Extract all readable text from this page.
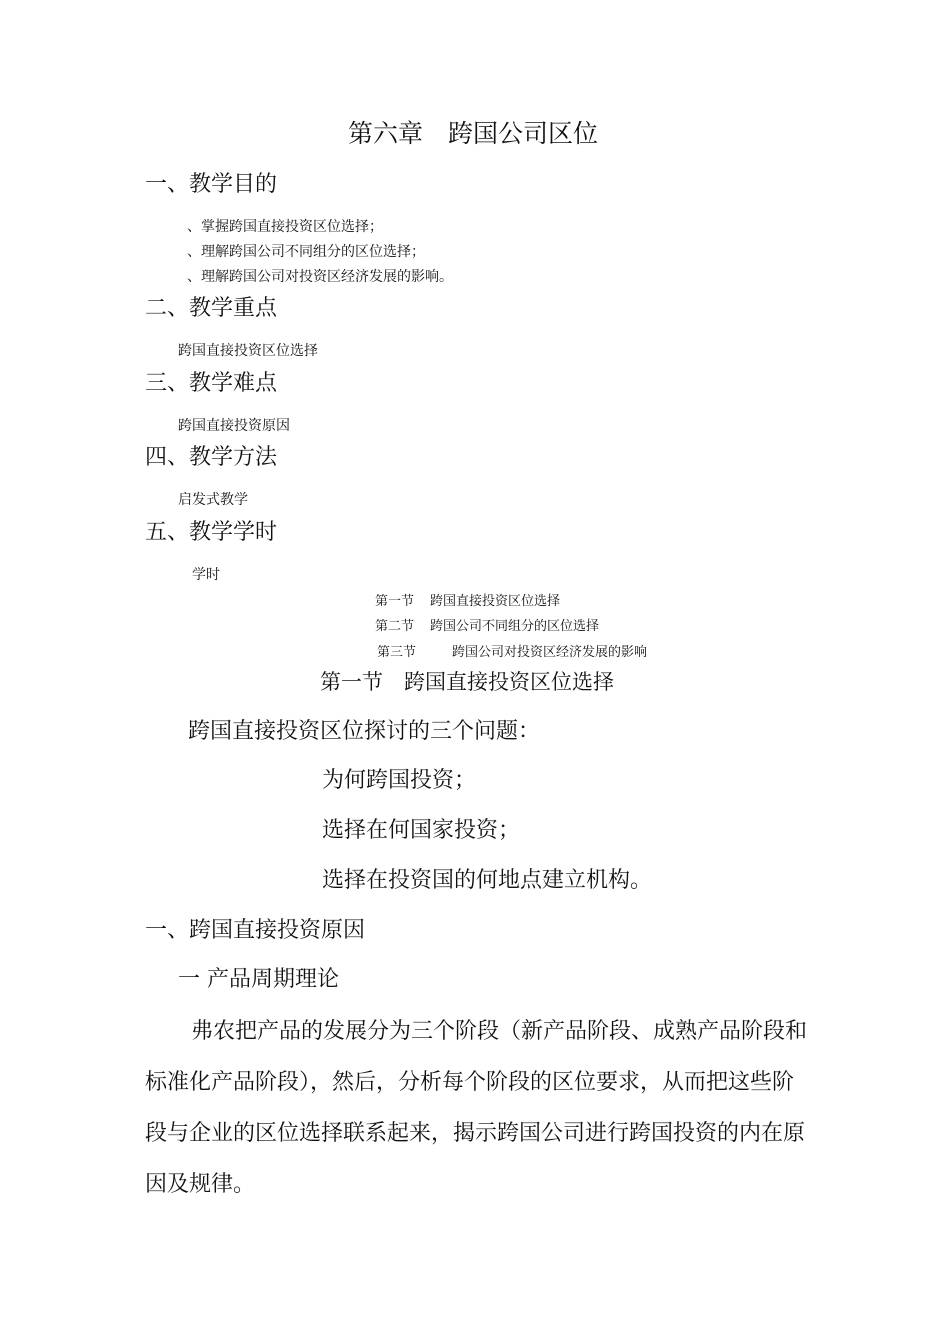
第六章　跨国公司区位
一、教学目的
、掌握跨国直接投资区位选择；
、理解跨国公司不同组分的区位选择；
、理解跨国公司对投资区经济发展的影响。
二、教学重点
跨国直接投资区位选择
三、教学难点
跨国直接投资原因
四、教学方法
启发式教学
五、教学学时
学时
第一节 跨国直接投资区位选择
第二节 跨国公司不同组分的区位选择
第三节	跨国公司对投资区经济发展的影响
第一节　跨国直接投资区位选择
跨国直接投资区位探讨的三个问题：
为何跨国投资；
选择在何国家投资；
选择在投资国的何地点建立机构。
一、跨国直接投资原因
一 产品周期理论
弗农把产品的发展分为三个阶段（新产品阶段、成熟产品阶段和标准化产品阶段），然后，分析每个阶段的区位要求，从而把这些阶段与企业的区位选择联系起来，揭示跨国公司进行跨国投资的内在原因及规律。
